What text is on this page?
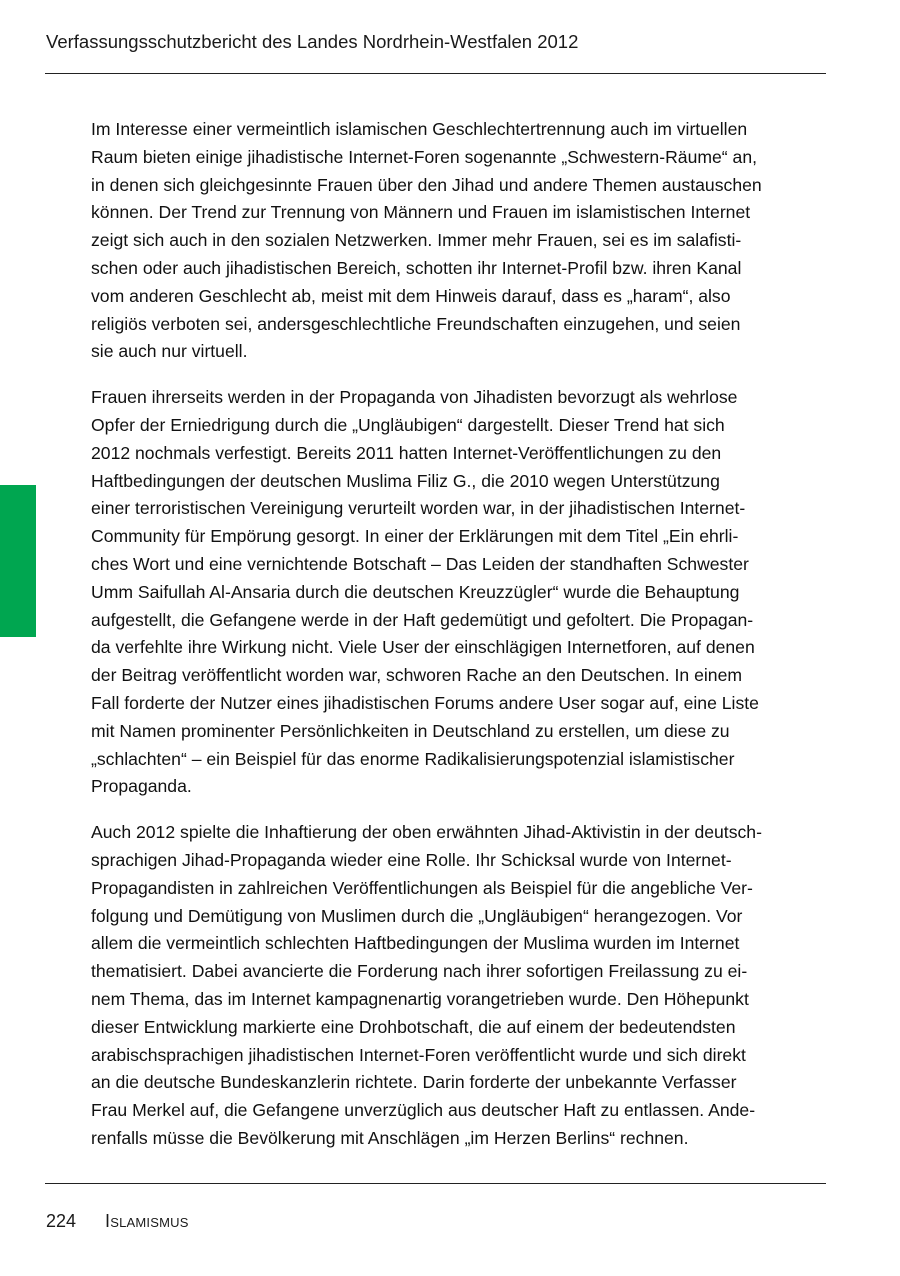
Verfassungsschutzbericht des Landes Nordrhein-Westfalen 2012

Im Interesse einer vermeintlich islamischen Geschlechtertrennung auch im virtuellen
Raum bieten einige jihadistische Internet-Foren sogenannte „Schwestern-Räume“ an,
in denen sich gleichgesinnte Frauen über den Jihad und andere Themen austauschen
können. Der Trend zur Trennung von Männern und Frauen im islamistischen Internet
zeigt sich auch in den sozialen Netzwerken. Immer mehr Frauen, sei es im salafisti-
schen oder auch jihadistischen Bereich, schotten ihr Internet-Profil bzw. ihren Kanal
vom anderen Geschlecht ab, meist mit dem Hinweis darauf, dass es „haram“, also
religiös verboten sei, andersgeschlechtliche Freundschaften einzugehen, und seien
sie auch nur virtuell.

Frauen ihrerseits werden in der Propaganda von Jihadisten bevorzugt als wehrlose
Opfer der Erniedrigung durch die „Ungläubigen“ dargestellt. Dieser Trend hat sich
2012 nochmals verfestigt. Bereits 2011 hatten Internet-Veröffentlichungen zu den
Haftbedingungen der deutschen Muslima Filiz G., die 2010 wegen Unterstützung
einer terroristischen Vereinigung verurteilt worden war, in der jihadistischen Internet-
Community für Empörung gesorgt. In einer der Erklärungen mit dem Titel „Ein ehrli-
ches Wort und eine vernichtende Botschaft – Das Leiden der standhaften Schwester
Umm Saifullah Al-Ansaria durch die deutschen Kreuzzügler“ wurde die Behauptung
aufgestellt, die Gefangene werde in der Haft gedemütigt und gefoltert. Die Propagan-
da verfehlte ihre Wirkung nicht. Viele User der einschlägigen Internetforen, auf denen
der Beitrag veröffentlicht worden war, schworen Rache an den Deutschen. In einem
Fall forderte der Nutzer eines jihadistischen Forums andere User sogar auf, eine Liste
mit Namen prominenter Persönlichkeiten in Deutschland zu erstellen, um diese zu
„schlachten“ – ein Beispiel für das enorme Radikalisierungspotenzial islamistischer
Propaganda.

Auch 2012 spielte die Inhaftierung der oben erwähnten Jihad-Aktivistin in der deutsch-
sprachigen Jihad-Propaganda wieder eine Rolle. Ihr Schicksal wurde von Internet-
Propagandisten in zahlreichen Veröffentlichungen als Beispiel für die angebliche Ver-
folgung und Demütigung von Muslimen durch die „Ungläubigen“ herangezogen. Vor
allem die vermeintlich schlechten Haftbedingungen der Muslima wurden im Internet
thematisiert. Dabei avancierte die Forderung nach ihrer sofortigen Freilassung zu ei-
nem Thema, das im Internet kampagnenartig vorangetrieben wurde. Den Höhepunkt
dieser Entwicklung markierte eine Drohbotschaft, die auf einem der bedeutendsten
arabischsprachigen jihadistischen Internet-Foren veröffentlicht wurde und sich direkt
an die deutsche Bundeskanzlerin richtete. Darin forderte der unbekannte Verfasser
Frau Merkel auf, die Gefangene unverzüglich aus deutscher Haft zu entlassen. Ande-
renfalls müsse die Bevölkerung mit Anschlägen „im Herzen Berlins“ rechnen.

224 Islamismus
